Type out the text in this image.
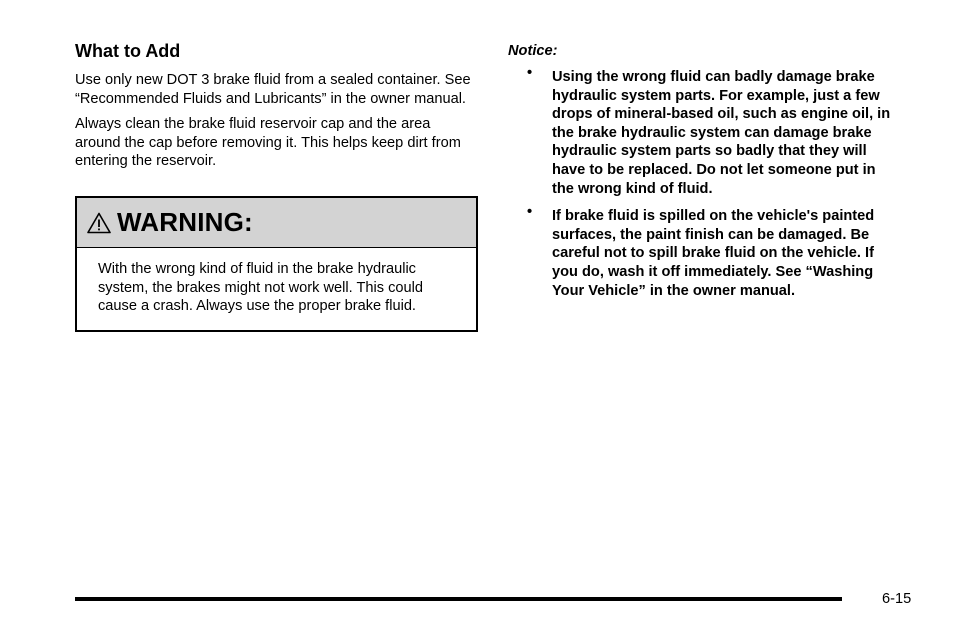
What to Add

Use only new DOT 3 brake fluid from a sealed container. See “Recommended Fluids and Lubricants” in the owner manual.

Always clean the brake fluid reservoir cap and the area around the cap before removing it. This helps keep dirt from entering the reservoir.

WARNING:
With the wrong kind of fluid in the brake hydraulic system, the brakes might not work well. This could cause a crash. Always use the proper brake fluid.
Notice:
•	Using the wrong fluid can badly damage brake hydraulic system parts. For example, just a few drops of mineral-based oil, such as engine oil, in the brake hydraulic system can damage brake hydraulic system parts so badly that they will have to be replaced. Do not let someone put in the wrong kind of fluid.
•	If brake fluid is spilled on the vehicle's painted surfaces, the paint finish can be damaged. Be careful not to spill brake fluid on the vehicle. If you do, wash it off immediately. See “Washing Your Vehicle” in the owner manual.
6-15
